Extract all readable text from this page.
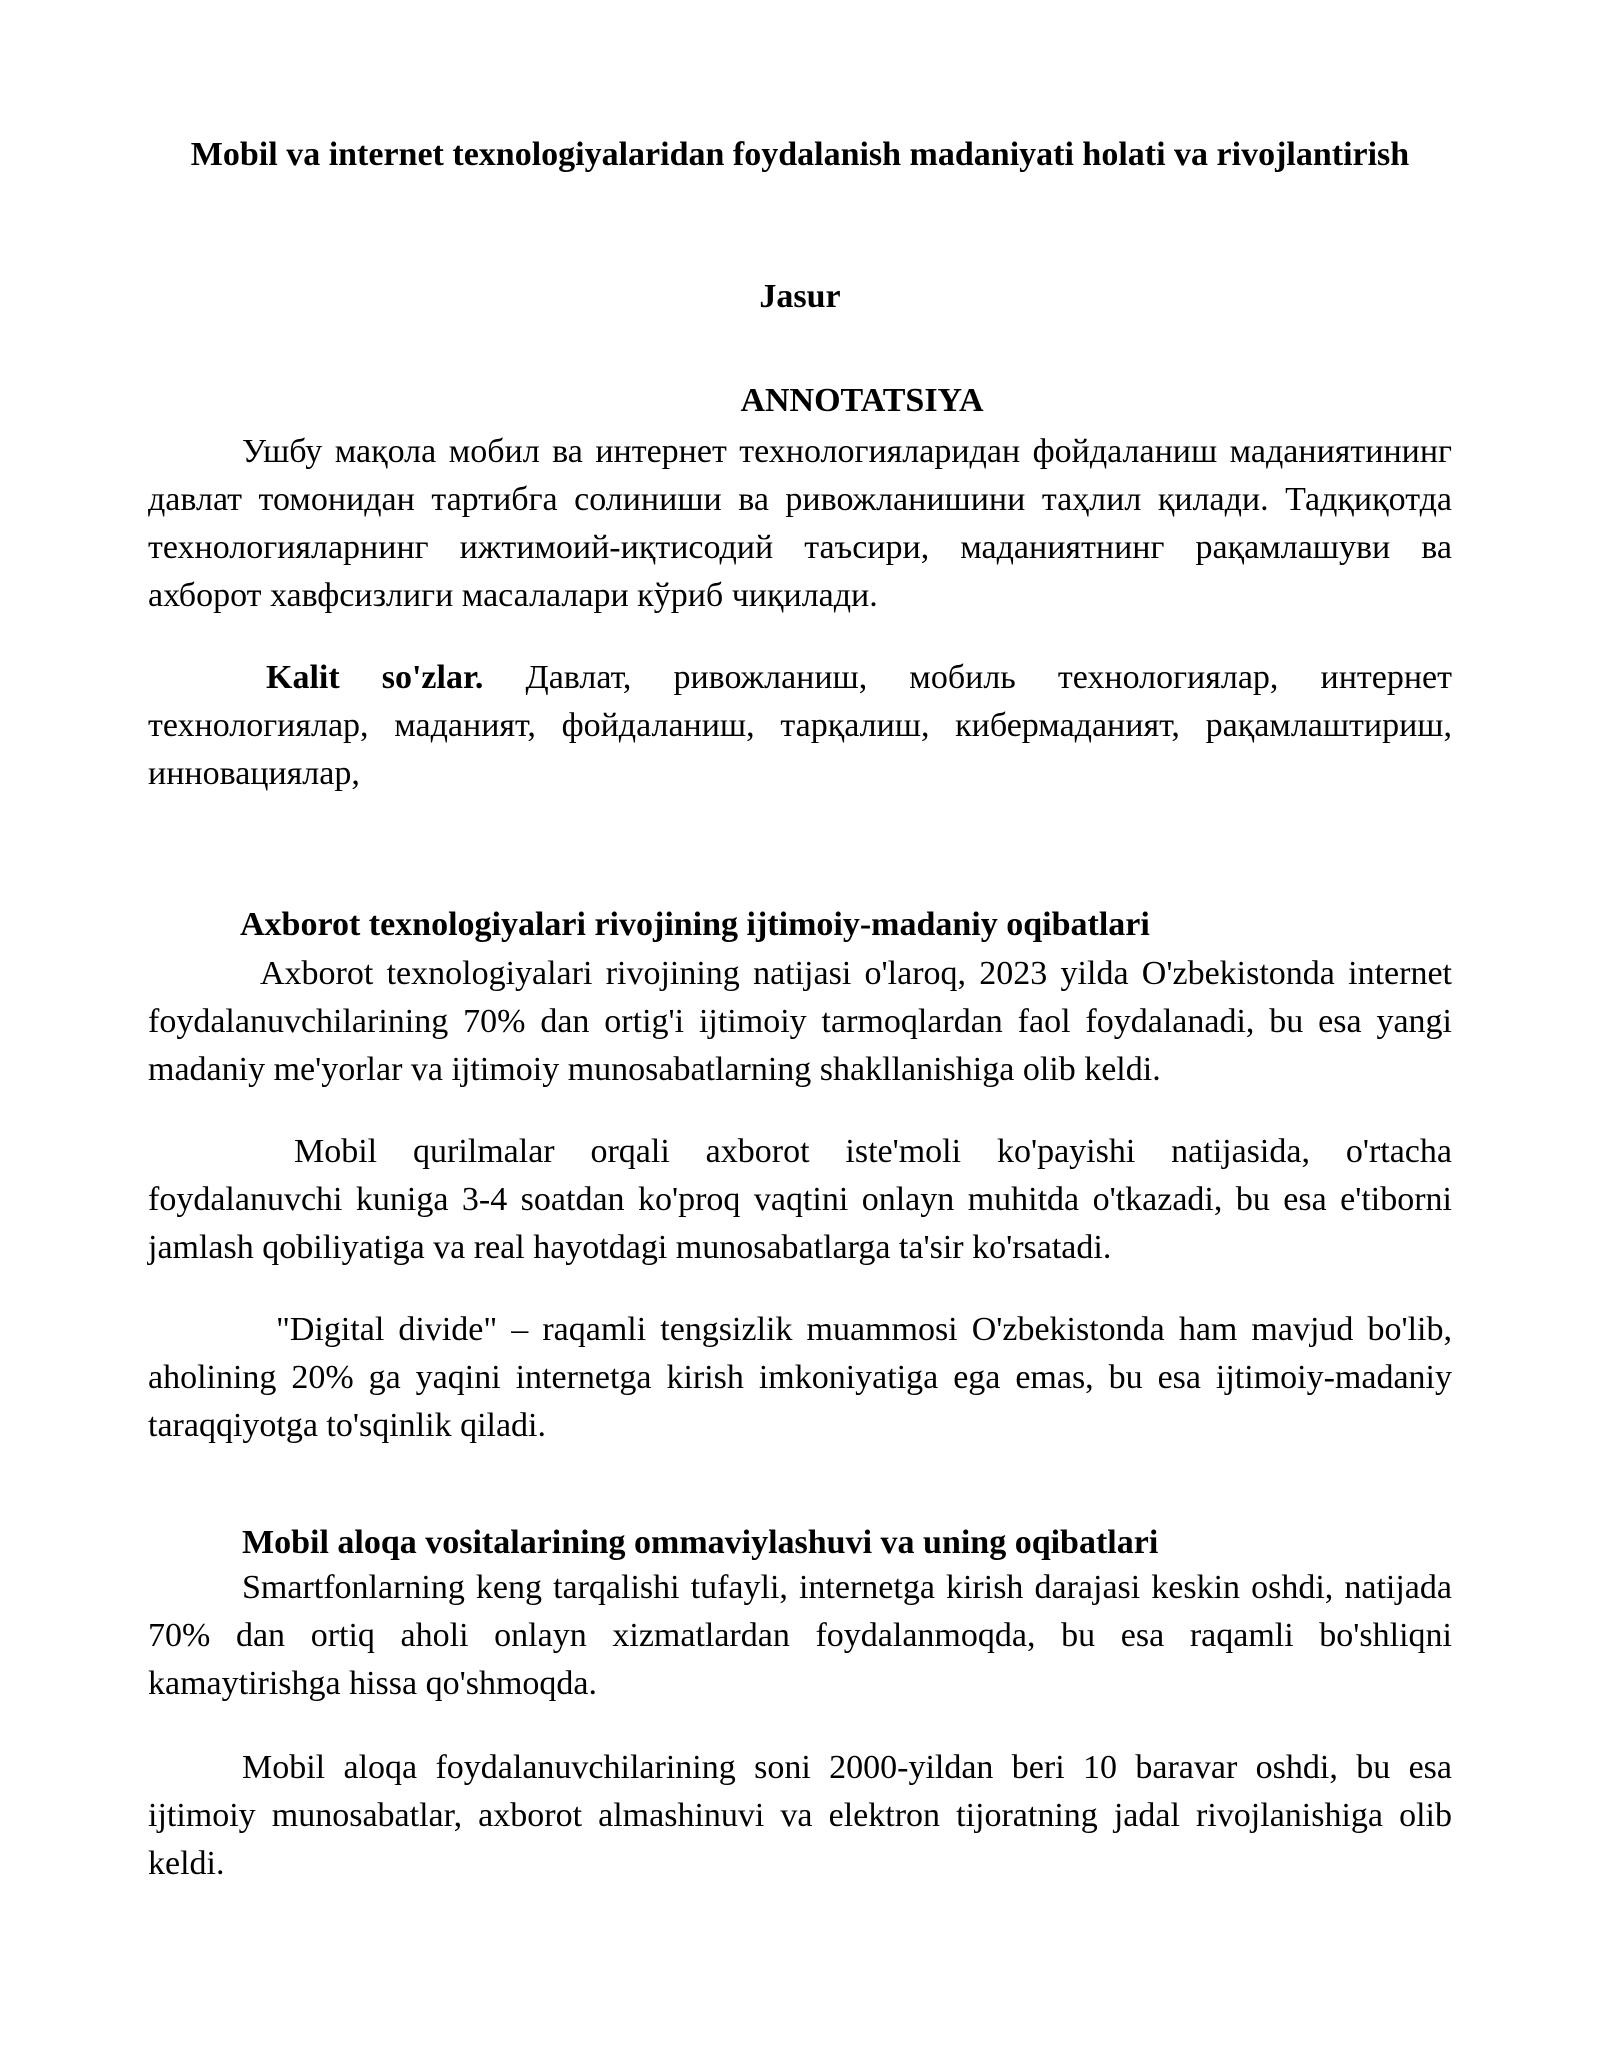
Mobil va internet texnologiyalaridan foydalanish madaniyati holati va rivojlantirish
Jasur
ANNOTATSIYA

Ушбу мақола мобил ва интернет технологияларидан фойдаланиш маданиятининг давлат томонидан тартибга солиниши ва ривожланишини таҳлил қилади. Тадқиқотда технологияларнинг ижтимоий-иқтисодий таъсири, маданиятнинг рақамлашуви ва ахборот хавфсизлиги масалалари кўриб чиқилади.

Kalit so'zlar. Давлат, ривожланиш, мобиль технологиялар, интернет технологиялар, маданият, фойдаланиш, тарқалиш, кибермаданият, рақамлаштириш, инновациялар,

Axborot texnologiyalari rivojining ijtimoiy-madaniy oqibatlari

Axborot texnologiyalari rivojining natijasi o'laroq, 2023 yilda O'zbekistonda internet foydalanuvchilarining 70% dan ortig'i ijtimoiy tarmoqlardan faol foydalanadi, bu esa yangi madaniy me'yorlar va ijtimoiy munosabatlarning shakllanishiga olib keldi.

Mobil qurilmalar orqali axborot iste'moli ko'payishi natijasida, o'rtacha foydalanuvchi kuniga 3-4 soatdan ko'proq vaqtini onlayn muhitda o'tkazadi, bu esa e'tiborni jamlash qobiliyatiga va real hayotdagi munosabatlarga ta'sir ko'rsatadi.

"Digital divide" – raqamli tengsizlik muammosi O'zbekistonda ham mavjud bo'lib, aholining 20% ga yaqini internetga kirish imkoniyatiga ega emas, bu esa ijtimoiy-madaniy taraqqiyotga to'sqinlik qiladi.

Mobil aloqa vositalarining ommaviylashuvi va uning oqibatlari

Smartfonlarning keng tarqalishi tufayli, internetga kirish darajasi keskin oshdi, natijada 70% dan ortiq aholi onlayn xizmatlardan foydalanmoqda, bu esa raqamli bo'shliqni kamaytirishga hissa qo'shmoqda.

Mobil aloqa foydalanuvchilarining soni 2000-yildan beri 10 baravar oshdi, bu esa ijtimoiy munosabatlar, axborot almashinuvi va elektron tijoratning jadal rivojlanishiga olib keldi.
